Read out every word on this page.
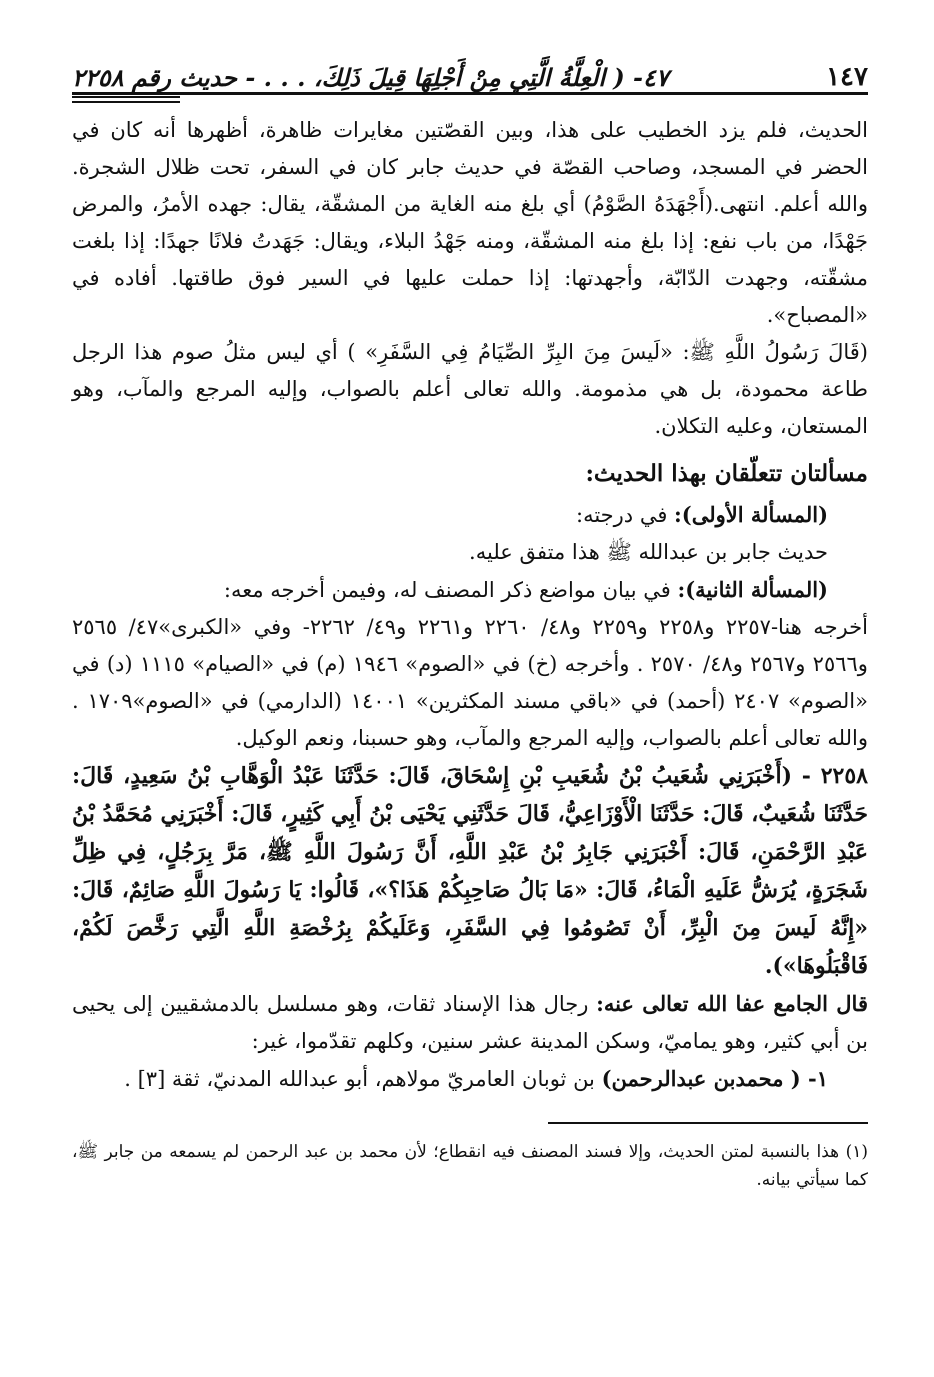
١٤٧
٤٧- ( الْعِلَّةُ الَّتِي مِنْ أَجْلِهَا قِيلَ ذَلِكَ، . . . - حديث رقم ٢٢٥٨

الحديث، فلم يزد الخطيب على هذا، وبين القصّتين مغايرات ظاهرة، أظهرها أنه كان في الحضر في المسجد، وصاحب القصّة في حديث جابر كان في السفر، تحت ظلال الشجرة. والله أعلم. انتهى.(أَجْهَدَهُ الصَّوْمُ) أي بلغ منه الغاية من المشقّة، يقال: جهده الأمرُ، والمرض جَهْدًا، من باب نفع: إذا بلغ منه المشقّة، ومنه جَهْدُ البلاء، ويقال: جَهَدتُ فلانًا جهدًا: إذا بلغت مشقّته، وجهدت الدّابّة، وأجهدتها: إذا حملت عليها في السير فوق طاقتها. أفاده في «المصباح».

(قَالَ رَسُولُ اللَّهِ ﷺ: «لَيسَ مِنَ البِرِّ الصِّيَامُ فِي السَّفَرِ» ) أي ليس مثلُ صوم هذا الرجل طاعة محمودة، بل هي مذمومة. والله تعالى أعلم بالصواب، وإليه المرجع والمآب، وهو المستعان، وعليه التكلان.

مسألتان تتعلّقان بهذا الحديث:

(المسألة الأولى): في درجته:

حديث جابر بن عبدالله ﷺ هذا متفق عليه.

(المسألة الثانية): في بيان مواضع ذكر المصنف له، وفيمن أخرجه معه:

أخرجه هنا-٢٢٥٧ و٢٢٥٨ و٢٢٥٩ و٤٨/ ٢٢٦٠ و٢٢٦١ و٤٩/ ٢٢٦٢- وفي «الكبرى»٤٧/ ٢٥٦٥ و٢٥٦٦ و٢٥٦٧ و٤٨/ ٢٥٧٠ . وأخرجه (خ) في «الصوم» ١٩٤٦ (م) في «الصيام» ١١١٥ (د) في «الصوم» ٢٤٠٧ (أحمد) في «باقي مسند المكثرين» ١٤٠٠١ (الدارمي) في «الصوم»١٧٠٩ . والله تعالى أعلم بالصواب، وإليه المرجع والمآب، وهو حسبنا، ونعم الوكيل.

٢٢٥٨ - (أَخْبَرَنِي شُعَيبُ بْنُ شُعَيبِ بْنِ إِسْحَاقَ، قَالَ: حَدَّثَنَا عَبْدُ الْوَهَّابِ بْنُ سَعِيدٍ، قَالَ: حَدَّثَنَا شُعَيبٌ، قَالَ: حَدَّثَنَا الْأَوْزَاعِيُّ، قَالَ حَدَّثَنِي يَحْيَى بْنُ أَبِي كَثِيرٍ، قَالَ: أَخْبَرَنِي مُحَمَّدُ بْنُ عَبْدِ الرَّحْمَنِ، قَالَ: أَخْبَرَنِي جَابِرُ بْنُ عَبْدِ اللَّهِ، أَنَّ رَسُولَ اللَّهِ ﷺ، مَرَّ بِرَجُلٍ، فِي ظِلِّ شَجَرَةٍ، يُرَشُّ عَلَيهِ الْمَاءُ، قَالَ: «مَا بَالُ صَاحِبِكُمْ هَذَا؟»، قَالُوا: يَا رَسُولَ اللَّهِ صَائِمٌ، قَالَ: «إِنَّهُ لَيسَ مِنَ الْبِرِّ، أَنْ تَصُومُوا فِي السَّفَرِ، وَعَلَيكُمْ بِرُخْصَةِ اللَّهِ الَّتِي رَخَّصَ لَكُمْ، فَاقْبَلُوهَا»).

قال الجامع عفا الله تعالى عنه: رجال هذا الإسناد ثقات، وهو مسلسل بالدمشقيين إلى يحيى بن أبي كثير، وهو يماميّ، وسكن المدينة عشر سنين، وكلهم تقدّموا، غير:

١- ( محمدبن عبدالرحمن) بن ثوبان العامريّ مولاهم، أبو عبدالله المدنيّ، ثقة [٣] .

(١) هذا بالنسبة لمتن الحديث، وإلا فسند المصنف فيه انقطاع؛ لأن محمد بن عبد الرحمن لم يسمعه من جابر ﷺ، كما سيأتي بيانه.
